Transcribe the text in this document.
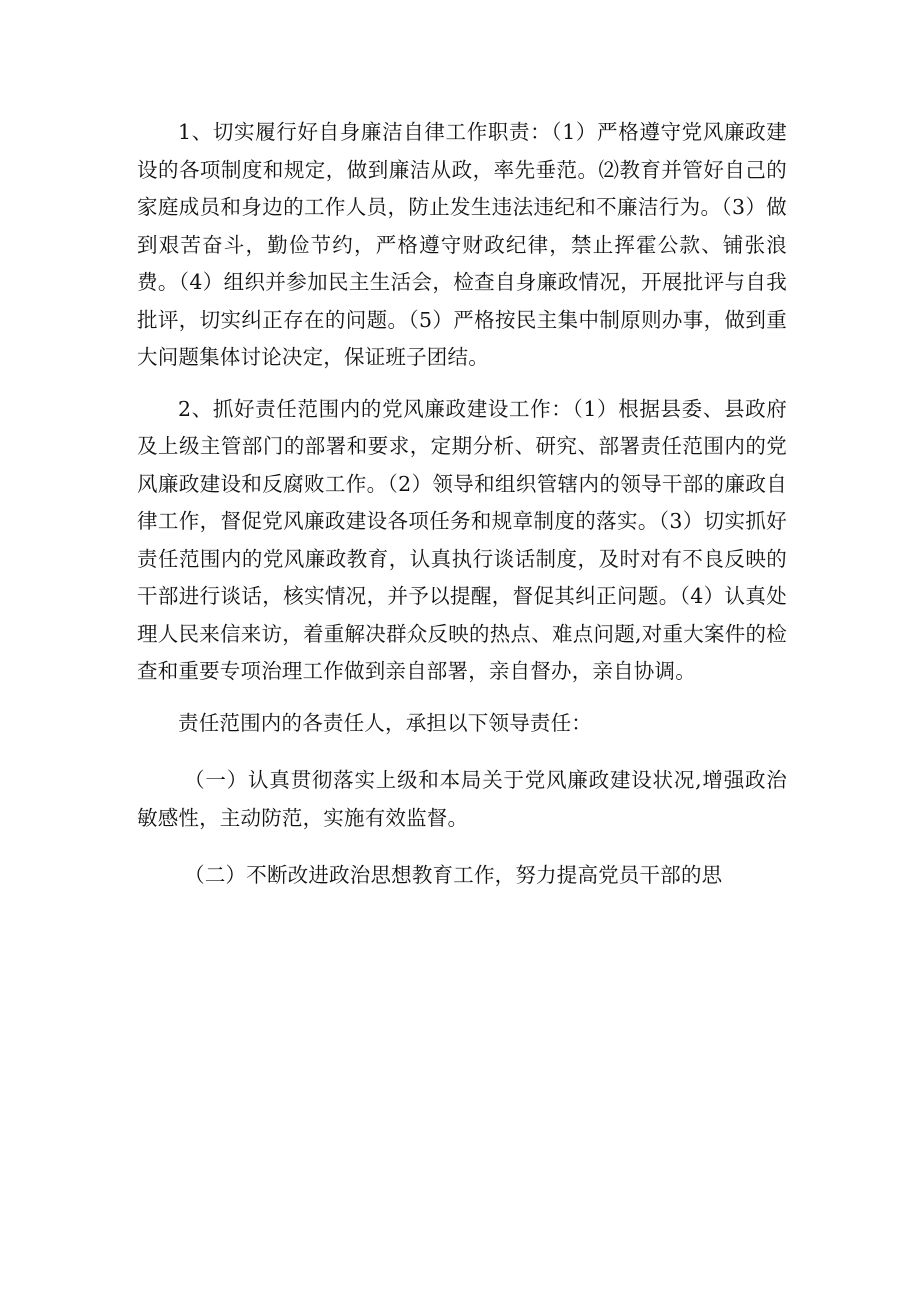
1、切实履行好自身廉洁自律工作职责：（1）严格遵守党风廉政建设的各项制度和规定，做到廉洁从政，率先垂范。⑵教育并管好自己的家庭成员和身边的工作人员，防止发生违法违纪和不廉洁行为。（3）做到艰苦奋斗，勤俭节约，严格遵守财政纪律，禁止挥霍公款、铺张浪费。（4）组织并参加民主生活会，检查自身廉政情况，开展批评与自我批评，切实纠正存在的问题。（5）严格按民主集中制原则办事，做到重大问题集体讨论决定，保证班子团结。

2、抓好责任范围内的党风廉政建设工作：（1）根据县委、县政府及上级主管部门的部署和要求，定期分析、研究、部署责任范围内的党风廉政建设和反腐败工作。（2）领导和组织管辖内的领导干部的廉政自律工作，督促党风廉政建设各项任务和规章制度的落实。（3）切实抓好责任范围内的党风廉政教育，认真执行谈话制度，及时对有不良反映的干部进行谈话，核实情况，并予以提醒，督促其纠正问题。（4）认真处理人民来信来访，着重解决群众反映的热点、难点问题,对重大案件的检查和重要专项治理工作做到亲自部署，亲自督办，亲自协调。

责任范围内的各责任人，承担以下领导责任：

（一）认真贯彻落实上级和本局关于党风廉政建设状况,增强政治敏感性，主动防范，实施有效监督。

（二）不断改进政治思想教育工作，努力提高党员干部的思
